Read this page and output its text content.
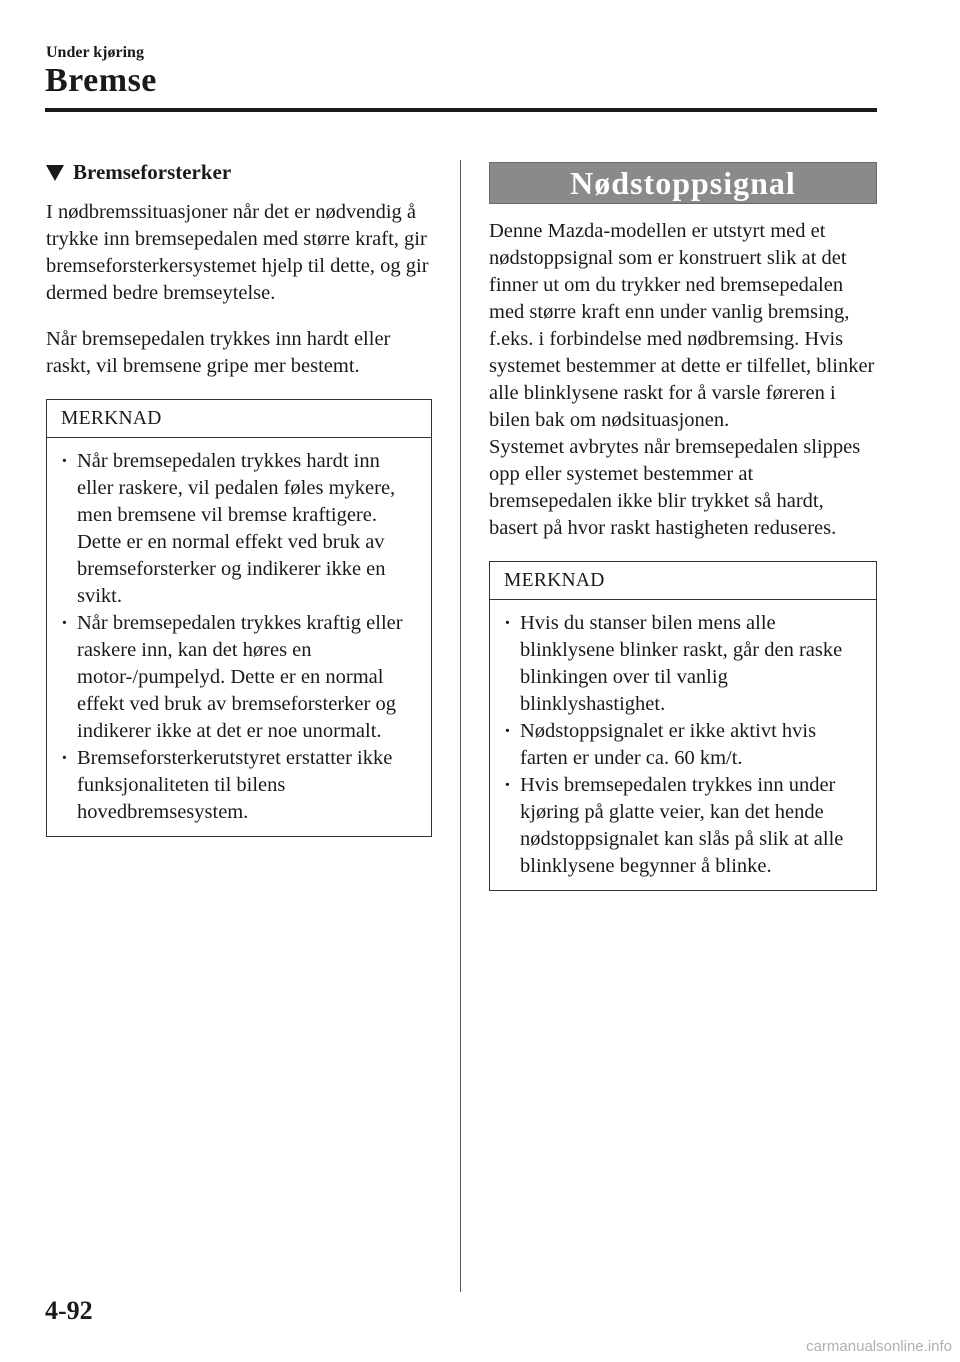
Under kjøring
Bremse
Bremseforsterker

I nødbremssituasjoner når det er nødvendig å trykke inn bremsepedalen med større kraft, gir bremseforsterkersystemet hjelp til dette, og gir dermed bedre bremseytelse.

Når bremsepedalen trykkes inn hardt eller raskt, vil bremsene gripe mer bestemt.

MERKNAD
· Når bremsepedalen trykkes hardt inn eller raskere, vil pedalen føles mykere, men bremsene vil bremse kraftigere. Dette er en normal effekt ved bruk av bremseforsterker og indikerer ikke en svikt.
· Når bremsepedalen trykkes kraftig eller raskere inn, kan det høres en motor-/pumpelyd. Dette er en normal effekt ved bruk av bremseforsterker og indikerer ikke at det er noe unormalt.
· Bremseforsterkerutstyret erstatter ikke funksjonaliteten til bilens hovedbremsesystem.
Nødstoppsignal

Denne Mazda-modellen er utstyrt med et nødstoppsignal som er konstruert slik at det finner ut om du trykker ned bremsepedalen med større kraft enn under vanlig bremsing, f.eks. i forbindelse med nødbremsing. Hvis systemet bestemmer at dette er tilfellet, blinker alle blinklysene raskt for å varsle føreren i bilen bak om nødsituasjonen.

Systemet avbrytes når bremsepedalen slippes opp eller systemet bestemmer at bremsepedalen ikke blir trykket så hardt, basert på hvor raskt hastigheten reduseres.

MERKNAD
· Hvis du stanser bilen mens alle blinklysene blinker raskt, går den raske blinkingen over til vanlig blinklyshastighet.
· Nødstoppsignalet er ikke aktivt hvis farten er under ca. 60 km/t.
· Hvis bremsepedalen trykkes inn under kjøring på glatte veier, kan det hende nødstoppsignalet kan slås på slik at alle blinklysene begynner å blinke.
4-92
carmanualsonline.info
